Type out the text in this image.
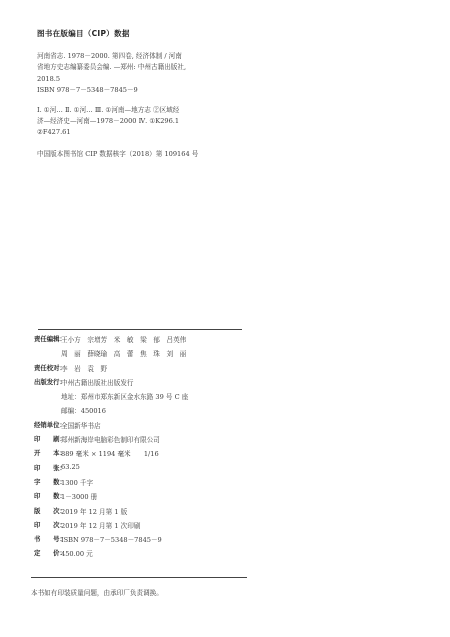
图书在版编目（CIP）数据

河南省志. 1978－2000. 第四卷, 经济体制 / 河南

省地方史志编纂委员会编. —郑州: 中州古籍出版社,

2018.5

ISBN 978－7－5348－7845－9

Ⅰ. ①河… Ⅱ. ①河… Ⅲ. ①河南—地方志 ②区域经

济—经济史—河南—1978－2000 Ⅳ. ①K296.1

②F427.61

中国版本图书馆 CIP 数据核字（2018）第 109164 号

责任编辑：
王小方　宗增芳　米　敏　梁　郁　吕英伟
周　丽　薛晓瑜　高　蕾　焦　珠　刘　丽
责任校对：
李　岩　袁　野
出版发行：
中州古籍出版社出版发行
地址：郑州市郑东新区金水东路 39 号 C 座
邮编：450016
经销单位：
全国新华书店
印　　刷：
郑州新海岸电脑彩色制印有限公司
开　　本：
889 毫米 × 1194 毫米　　1/16
印　　张：
63.25
字　　数：
1300 千字
印　　数：
1－3000 册
版　　次：
2019 年 12 月第 1 版
印　　次：
2019 年 12 月第 1 次印刷
书　　号：
ISBN 978－7－5348－7845－9
定　　价：
450.00 元
本书如有印装质量问题，由承印厂负责调换。
